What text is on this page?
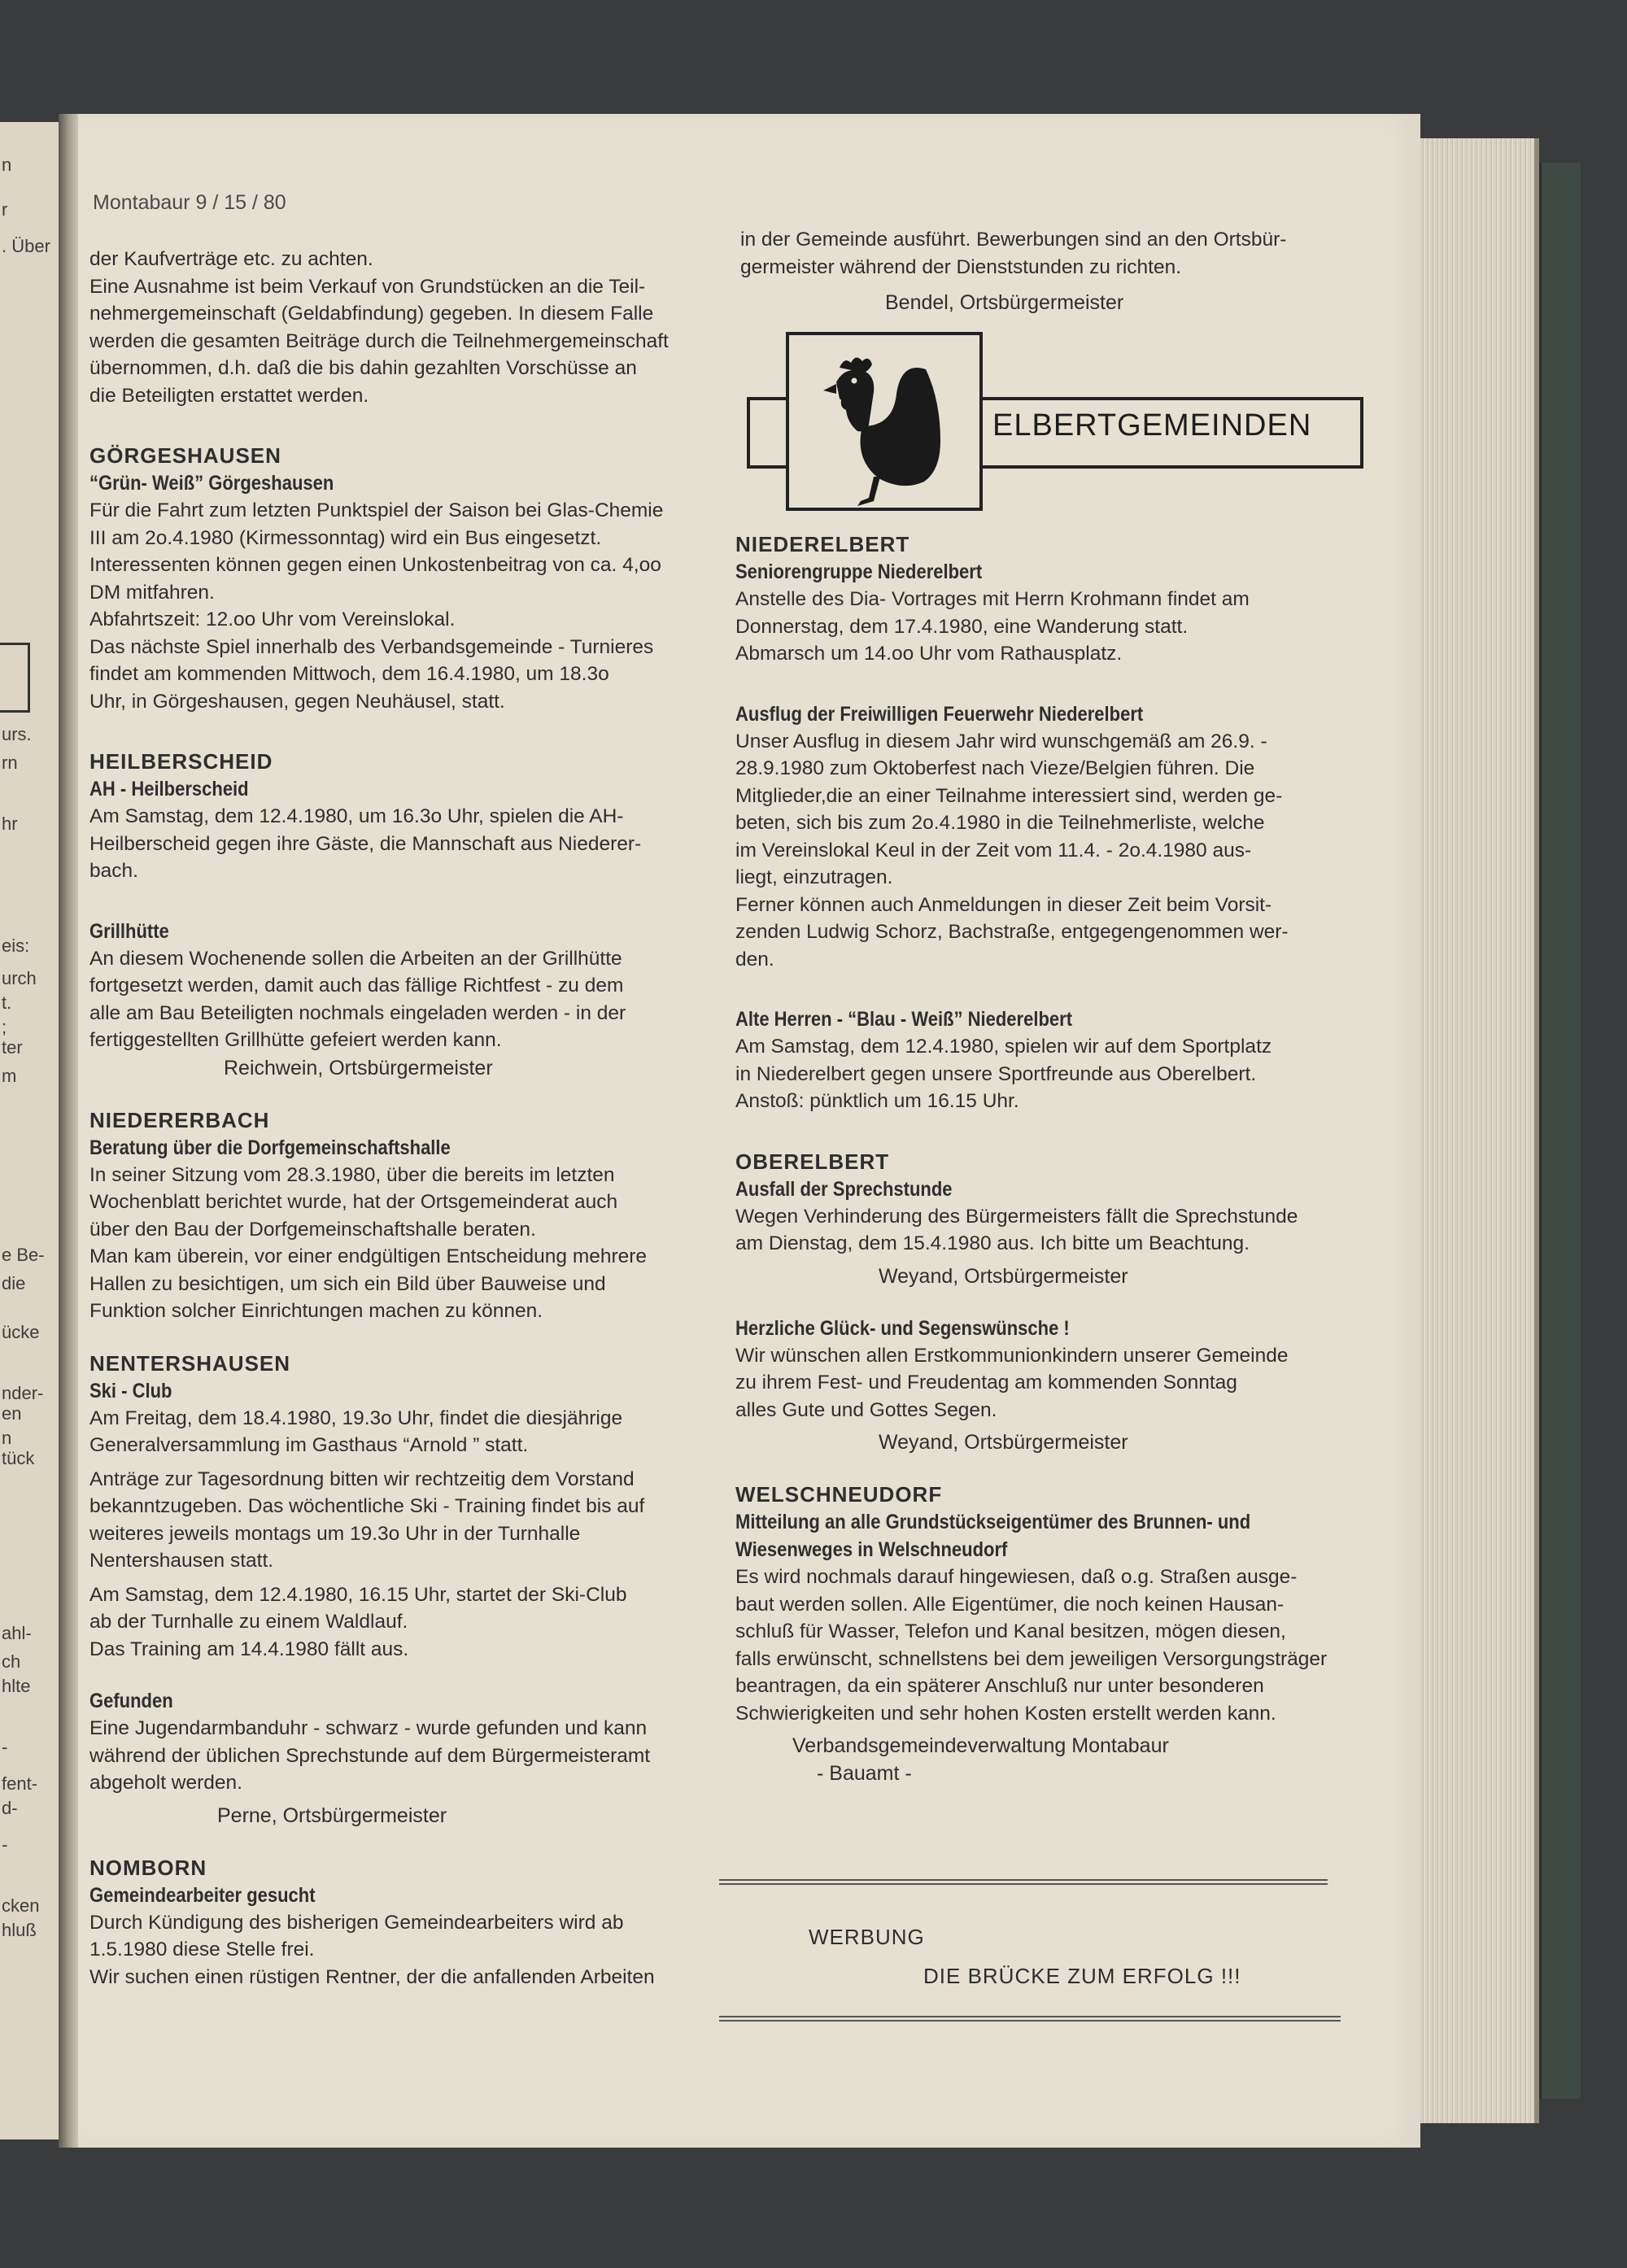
n
r
. Über
urs.
rn
hr
eis:
urch
t.
;
ter
m
e Be-
die
ücke
nder-
en
n
tück
ahl-
ch
hlte
-
fent-
d-
-
cken
hluß
Montabaur 9 / 15 / 80

der Kaufverträge etc. zu achten.

Eine Ausnahme ist beim Verkauf von Grundstücken an die Teil-

nehmergemeinschaft (Geldabfindung) gegeben. In diesem Falle

werden die gesamten Beiträge durch die Teilnehmergemeinschaft

übernommen, d.h. daß die bis dahin gezahlten Vorschüsse an

die Beteiligten erstattet werden.

GÖRGESHAUSEN

“Grün- Weiß” Görgeshausen

Für die Fahrt zum letzten Punktspiel der Saison bei Glas-Chemie

III am 2o.4.1980 (Kirmessonntag) wird ein Bus eingesetzt.

Interessenten können gegen einen Unkostenbeitrag von ca. 4,oo

DM mitfahren.

Abfahrtszeit: 12.oo Uhr vom Vereinslokal.

Das nächste Spiel innerhalb des Verbandsgemeinde - Turnieres

findet am kommenden Mittwoch, dem 16.4.1980, um 18.3o

Uhr, in Görgeshausen, gegen Neuhäusel, statt.

HEILBERSCHEID

AH - Heilberscheid

Am Samstag, dem 12.4.1980, um 16.3o Uhr, spielen die AH-

Heilberscheid gegen ihre Gäste, die Mannschaft aus Niederer-

bach.

Grillhütte

An diesem Wochenende sollen die Arbeiten an der Grillhütte

fortgesetzt werden, damit auch das fällige Richtfest - zu dem

alle am Bau Beteiligten nochmals eingeladen werden - in der

fertiggestellten Grillhütte gefeiert werden kann.

Reichwein, Ortsbürgermeister

NIEDERERBACH

Beratung über die Dorfgemeinschaftshalle

In seiner Sitzung vom 28.3.1980, über die bereits im letzten

Wochenblatt berichtet wurde, hat der Ortsgemeinderat auch

über den Bau der Dorfgemeinschaftshalle beraten.

Man kam überein, vor einer endgültigen Entscheidung mehrere

Hallen zu besichtigen, um sich ein Bild über Bauweise und

Funktion solcher Einrichtungen machen zu können.

NENTERSHAUSEN

Ski - Club

Am Freitag, dem 18.4.1980, 19.3o Uhr, findet die diesjährige

Generalversammlung im Gasthaus “Arnold ” statt.

Anträge zur Tagesordnung bitten wir rechtzeitig dem Vorstand

bekanntzugeben. Das wöchentliche Ski - Training findet bis auf

weiteres jeweils montags um 19.3o Uhr in der Turnhalle

Nentershausen statt.

Am Samstag, dem 12.4.1980, 16.15 Uhr, startet der Ski-Club

ab der Turnhalle zu einem Waldlauf.

Das Training am 14.4.1980 fällt aus.

Gefunden

Eine Jugendarmbanduhr - schwarz - wurde gefunden und kann

während der üblichen Sprechstunde auf dem Bürgermeisteramt

abgeholt werden.

Perne, Ortsbürgermeister

NOMBORN

Gemeindearbeiter gesucht

Durch Kündigung des bisherigen Gemeindearbeiters wird ab

1.5.1980 diese Stelle frei.

Wir suchen einen rüstigen Rentner, der die anfallenden Arbeiten

in der Gemeinde ausführt. Bewerbungen sind an den Ortsbür-

germeister während der Dienststunden zu richten.

Bendel, Ortsbürgermeister

ELBERTGEMEINDEN

NIEDERELBERT

Seniorengruppe Niederelbert

Anstelle des Dia- Vortrages mit Herrn Krohmann findet am

Donnerstag, dem 17.4.1980, eine Wanderung statt.

Abmarsch um 14.oo Uhr vom Rathausplatz.

Ausflug der Freiwilligen Feuerwehr Niederelbert

Unser Ausflug in diesem Jahr wird wunschgemäß am 26.9. -

28.9.1980 zum Oktoberfest nach Vieze/Belgien führen. Die

Mitglieder,die an einer Teilnahme interessiert sind, werden ge-

beten, sich bis zum 2o.4.1980 in die Teilnehmerliste, welche

im Vereinslokal Keul in der Zeit vom 11.4. - 2o.4.1980 aus-

liegt, einzutragen.

Ferner können auch Anmeldungen in dieser Zeit beim Vorsit-

zenden Ludwig Schorz, Bachstraße, entgegengenommen wer-

den.

Alte Herren - “Blau - Weiß” Niederelbert

Am Samstag, dem 12.4.1980, spielen wir auf dem Sportplatz

in Niederelbert gegen unsere Sportfreunde aus Oberelbert.

Anstoß: pünktlich um 16.15 Uhr.

OBERELBERT

Ausfall der Sprechstunde

Wegen Verhinderung des Bürgermeisters fällt die Sprechstunde

am Dienstag, dem 15.4.1980 aus. Ich bitte um Beachtung.

Weyand, Ortsbürgermeister

Herzliche Glück- und Segenswünsche !

Wir wünschen allen Erstkommunionkindern unserer Gemeinde

zu ihrem Fest- und Freudentag am kommenden Sonntag

alles Gute und Gottes Segen.

Weyand, Ortsbürgermeister

WELSCHNEUDORF

Mitteilung an alle Grundstückseigentümer des Brunnen- und

Wiesenweges in Welschneudorf

Es wird nochmals darauf hingewiesen, daß o.g. Straßen ausge-

baut werden sollen. Alle Eigentümer, die noch keinen Hausan-

schluß für Wasser, Telefon und Kanal besitzen, mögen diesen,

falls erwünscht, schnellstens bei dem jeweiligen Versorgungsträger

beantragen, da ein späterer Anschluß nur unter besonderen

Schwierigkeiten und sehr hohen Kosten erstellt werden kann.

Verbandsgemeindeverwaltung Montabaur

- Bauamt -

WERBUNG
DIE BRÜCKE ZUM ERFOLG !!!
